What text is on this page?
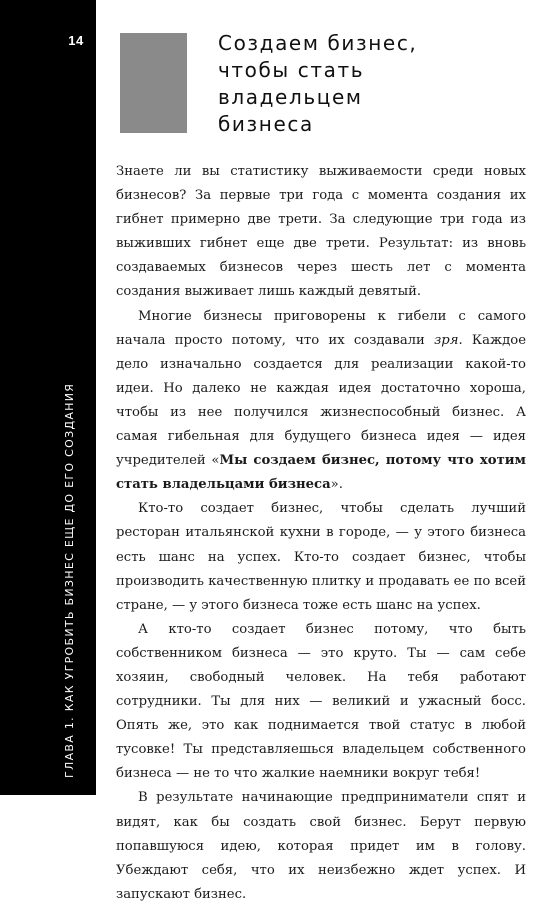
14
ГЛАВА 1. КАК УГРОБИТЬ БИЗНЕС ЕЩЕ ДО ЕГО СОЗДАНИЯ
Создаем бизнес,
чтобы стать
владельцем
бизнеса

Знаете ли вы статистику выживаемости среди новых бизнесов? За первые три года с момента создания их гибнет примерно две трети. За следующие три года из выживших гибнет еще две трети. Результат: из вновь создаваемых бизнесов через шесть лет с момента создания выживает лишь каждый девятый.

Многие бизнесы приговорены к гибели с самого начала просто потому, что их создавали зря. Каждое дело изначально создается для реализации какой-то идеи. Но далеко не каждая идея достаточно хороша, чтобы из нее получился жизнеспособный бизнес. А самая гибельная для будущего бизнеса идея — идея учредителей «Мы создаем бизнес, потому что хотим стать владельцами бизнеса».

Кто-то создает бизнес, чтобы сделать лучший ресторан итальянской кухни в городе, — у этого бизнеса есть шанс на успех. Кто-то создает бизнес, чтобы производить качественную плитку и продавать ее по всей стране, — у этого бизнеса тоже есть шанс на успех.

А кто-то создает бизнес потому, что быть собственником бизнеса — это круто. Ты — сам себе хозяин, свободный человек. На тебя работают сотрудники. Ты для них — великий и ужасный босс. Опять же, это как поднимается твой статус в любой тусовке! Ты представляешься владельцем собственного бизнеса — не то что жалкие наемники вокруг тебя!

В результате начинающие предприниматели спят и видят, как бы создать свой бизнес. Берут первую попавшуюся идею, которая придет им в голову. Убеждают себя, что их неизбежно ждет успех. И запускают бизнес.
